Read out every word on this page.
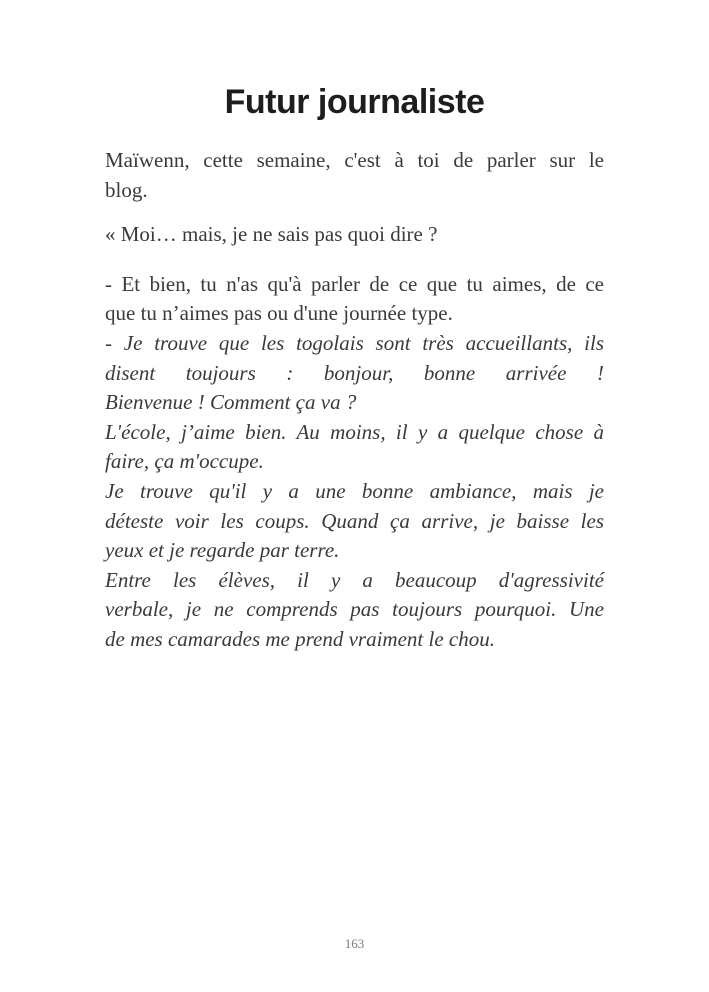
Futur journaliste
Maïwenn, cette semaine, c'est à toi de parler sur le
blog.
« Moi… mais, je ne sais pas quoi dire ?
- Et bien, tu n'as qu'à parler de ce que tu aimes, de ce
que tu n’aimes pas ou d'une journée type.
- Je trouve que les togolais sont très accueillants, ils
disent toujours : bonjour, bonne arrivée !
Bienvenue ! Comment ça va ?
L'école, j’aime bien. Au moins, il y a quelque chose à
faire, ça m'occupe.
Je trouve qu'il y a une bonne ambiance, mais je
déteste voir les coups. Quand ça arrive, je baisse les
yeux et je regarde par terre.
Entre les élèves, il y a beaucoup d'agressivité
verbale, je ne comprends pas toujours pourquoi. Une
de mes camarades me prend vraiment le chou.
163
